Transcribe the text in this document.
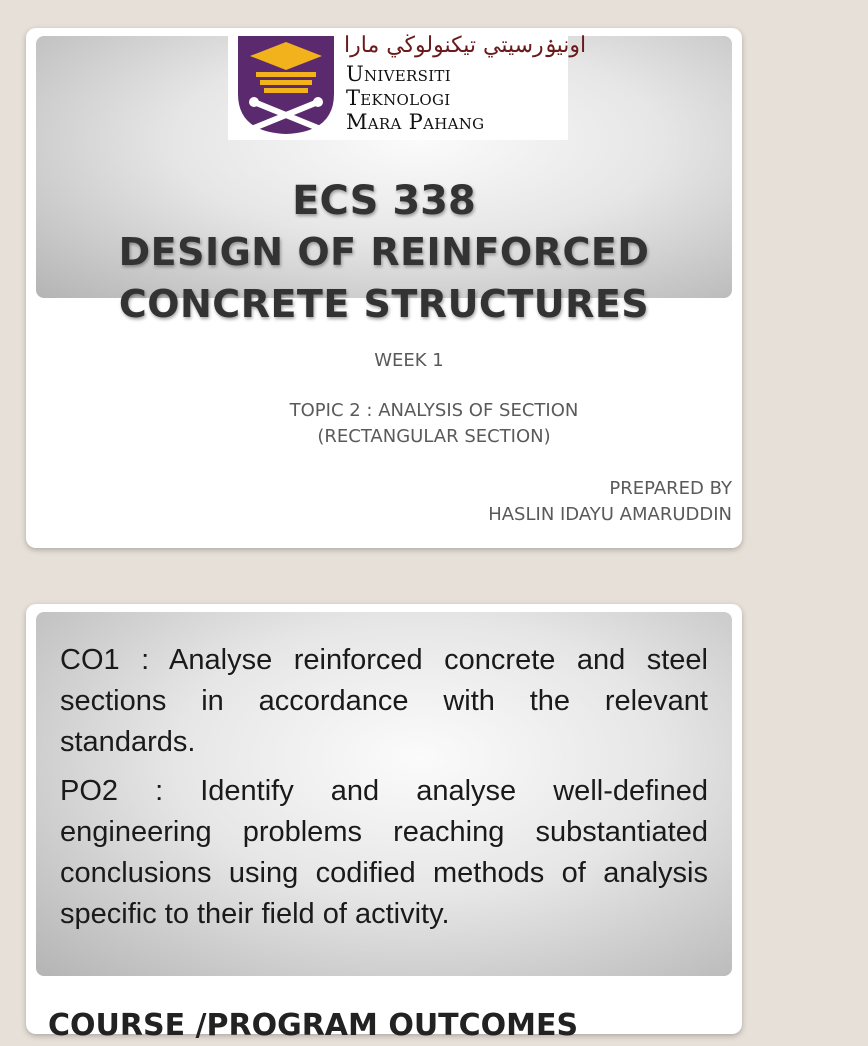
اونيۏرسيتي تيكنولوڬي مارا
Universiti
Teknologi
Mara Pahang
ECS 338
DESIGN OF REINFORCED
CONCRETE STRUCTURES
WEEK 1
TOPIC 2 : ANALYSIS OF SECTION
(RECTANGULAR SECTION)
PREPARED BY
HASLIN IDAYU AMARUDDIN
CO1 : Analyse reinforced concrete and steel sections in accordance with the relevant standards.
PO2 : Identify and analyse well-defined engineering problems reaching substantiated conclusions using codified methods of analysis specific to their field of activity.
COURSE /PROGRAM OUTCOMES
